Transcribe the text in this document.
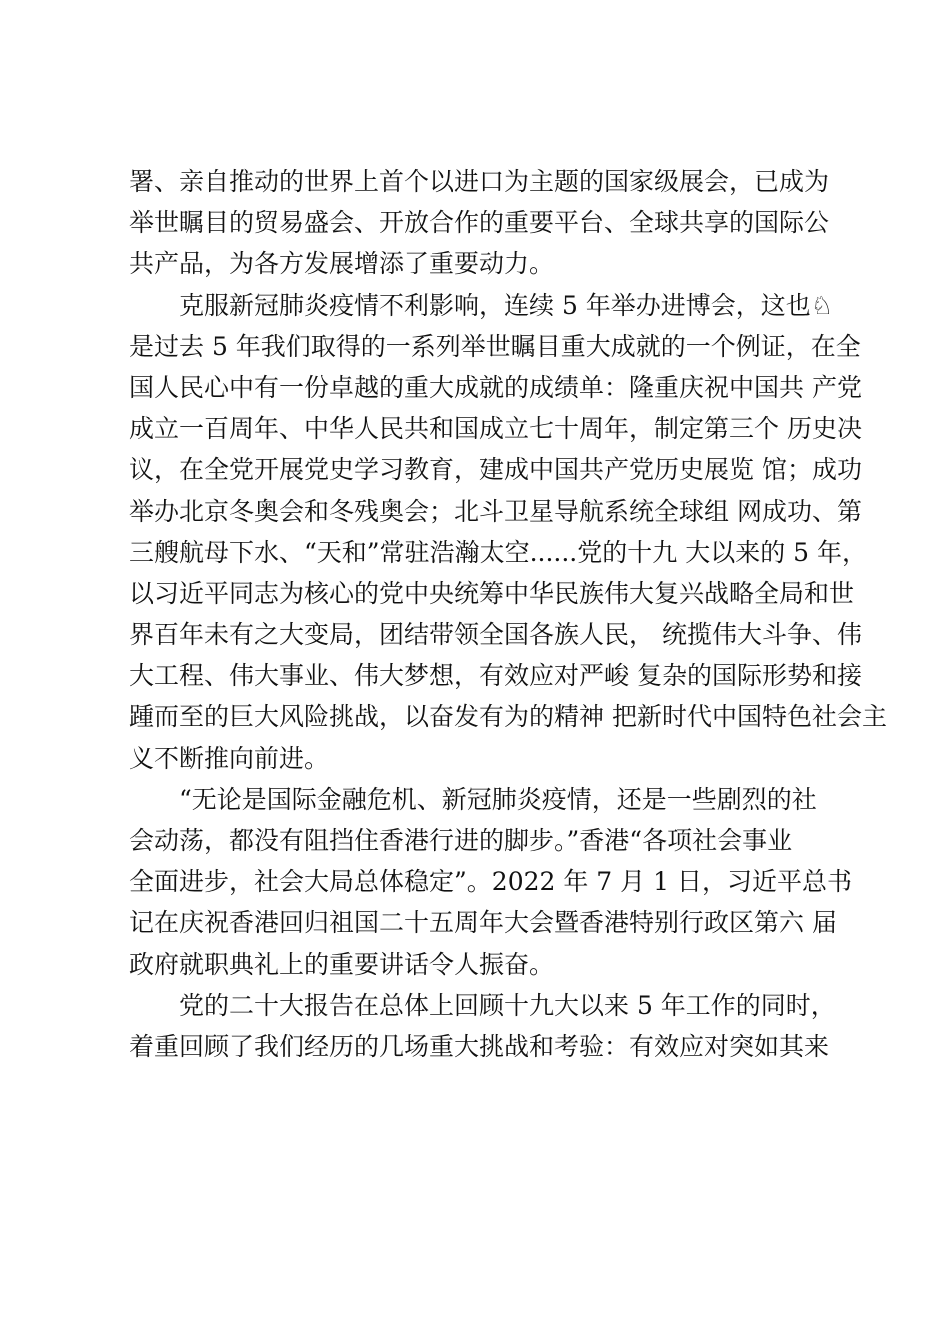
署、亲自推动的世界上首个以进口为主题的国家级展会，已成为
举世瞩目的贸易盛会、开放合作的重要平台、全球共享的国际公
共产品，为各方发展增添了重要动力。
　　克服新冠肺炎疫情不利影响，连续 5 年举办进博会，这也♘
是过去 5 年我们取得的一系列举世瞩目重大成就的一个例证，在全
国人民心中有一份卓越的重大成就的成绩单：隆重庆祝中国共 产党
成立一百周年、中华人民共和国成立七十周年，制定第三个 历史决
议，在全党开展党史学习教育，建成中国共产党历史展览 馆；成功
举办北京冬奥会和冬残奥会；北斗卫星导航系统全球组 网成功、第
三艘航母下水、“天和”常驻浩瀚太空......党的十九 大以来的 5 年，
以习近平同志为核心的党中央统筹中华民族伟大复兴战略全局和世
界百年未有之大变局，团结带领全国各族人民， 统揽伟大斗争、伟
大工程、伟大事业、伟大梦想，有效应对严峻 复杂的国际形势和接
踵而至的巨大风险挑战，以奋发有为的精神 把新时代中国特色社会主
义不断推向前进。
　　“无论是国际金融危机、新冠肺炎疫情，还是一些剧烈的社
会动荡，都没有阻挡住香港行进的脚步。”香港“各项社会事业
全面进步，社会大局总体稳定”。2022 年 7 月 1 日，习近平总书
记在庆祝香港回归祖国二十五周年大会暨香港特别行政区第六 届
政府就职典礼上的重要讲话令人振奋。
　　党的二十大报告在总体上回顾十九大以来 5 年工作的同时，
着重回顾了我们经历的几场重大挑战和考验：有效应对突如其来
